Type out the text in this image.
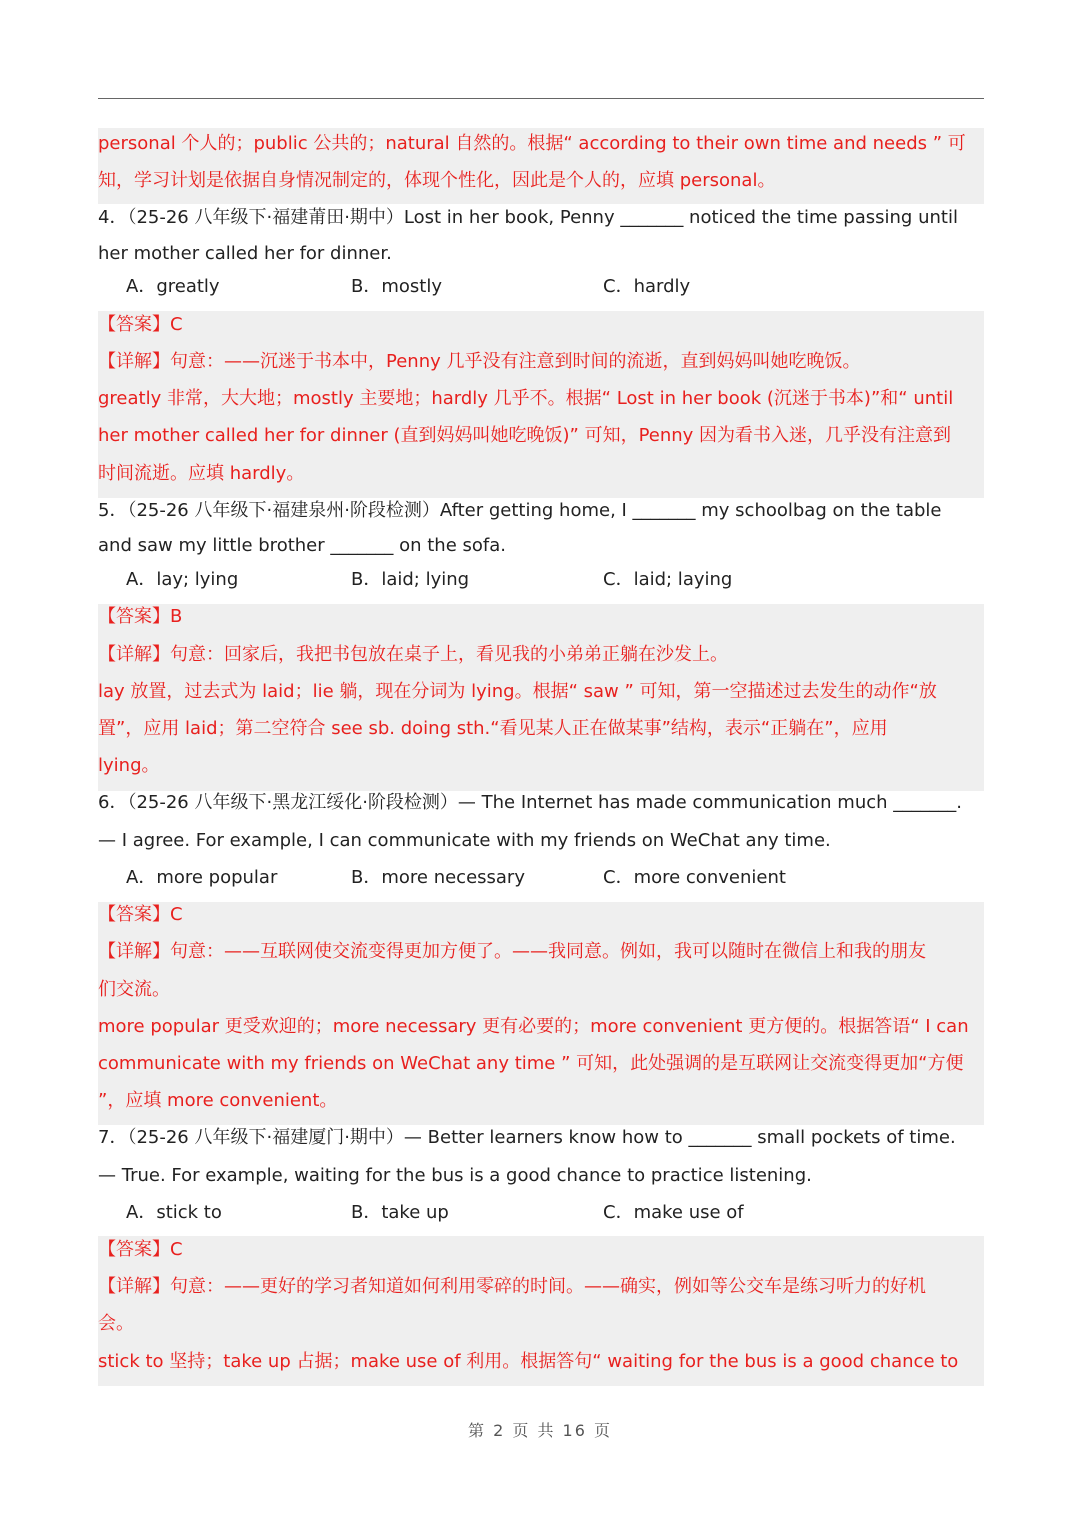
personal 个人的；public 公共的；natural 自然的。根据“ according to their own time and needs ” 可
知，学习计划是依据自身情况制定的，体现个性化，因此是个人的，应填 personal。
4．（25-26 八年级下·福建莆田·期中）Lost in her book, Penny _______ noticed the time passing until
her mother called her for dinner.
A．greatly	B．mostly	C．hardly
【答案】C
【详解】句意：——沉迷于书本中，Penny 几乎没有注意到时间的流逝，直到妈妈叫她吃晚饭。
greatly 非常，大大地；mostly 主要地；hardly 几乎不。根据“ Lost in her book (沉迷于书本)”和“ until
her mother called her for dinner (直到妈妈叫她吃晚饭)” 可知，Penny 因为看书入迷，几乎没有注意到
时间流逝。应填 hardly。
5．（25-26 八年级下·福建泉州·阶段检测）After getting home, I _______ my schoolbag on the table
and saw my little brother _______ on the sofa.
A．lay; lying	B．laid; lying	C．laid; laying
【答案】B
【详解】句意：回家后，我把书包放在桌子上，看见我的小弟弟正躺在沙发上。
lay 放置，过去式为 laid；lie 躺，现在分词为 lying。根据“ saw ” 可知，第一空描述过去发生的动作“放
置”，应用 laid；第二空符合 see sb. doing sth.“看见某人正在做某事”结构，表示“正躺在”，应用
lying。
6．（25-26 八年级下·黑龙江绥化·阶段检测）— The Internet has made communication much _______.
— I agree. For example, I can communicate with my friends on WeChat any time.
A．more popular	B．more necessary	C．more convenient
【答案】C
【详解】句意：——互联网使交流变得更加方便了。——我同意。例如，我可以随时在微信上和我的朋友
们交流。
more popular 更受欢迎的；more necessary 更有必要的；more convenient 更方便的。根据答语“ I can
communicate with my friends on WeChat any time ” 可知，此处强调的是互联网让交流变得更加“方便
”，应填 more convenient。
7．（25-26 八年级下·福建厦门·期中）— Better learners know how to _______ small pockets of time.
— True. For example, waiting for the bus is a good chance to practice listening.
A．stick to	B．take up	C．make use of
【答案】C
【详解】句意：——更好的学习者知道如何利用零碎的时间。——确实，例如等公交车是练习听力的好机
会。
stick to 坚持；take up 占据；make use of 利用。根据答句“ waiting for the bus is a good chance to
第 2 页 共 16 页
